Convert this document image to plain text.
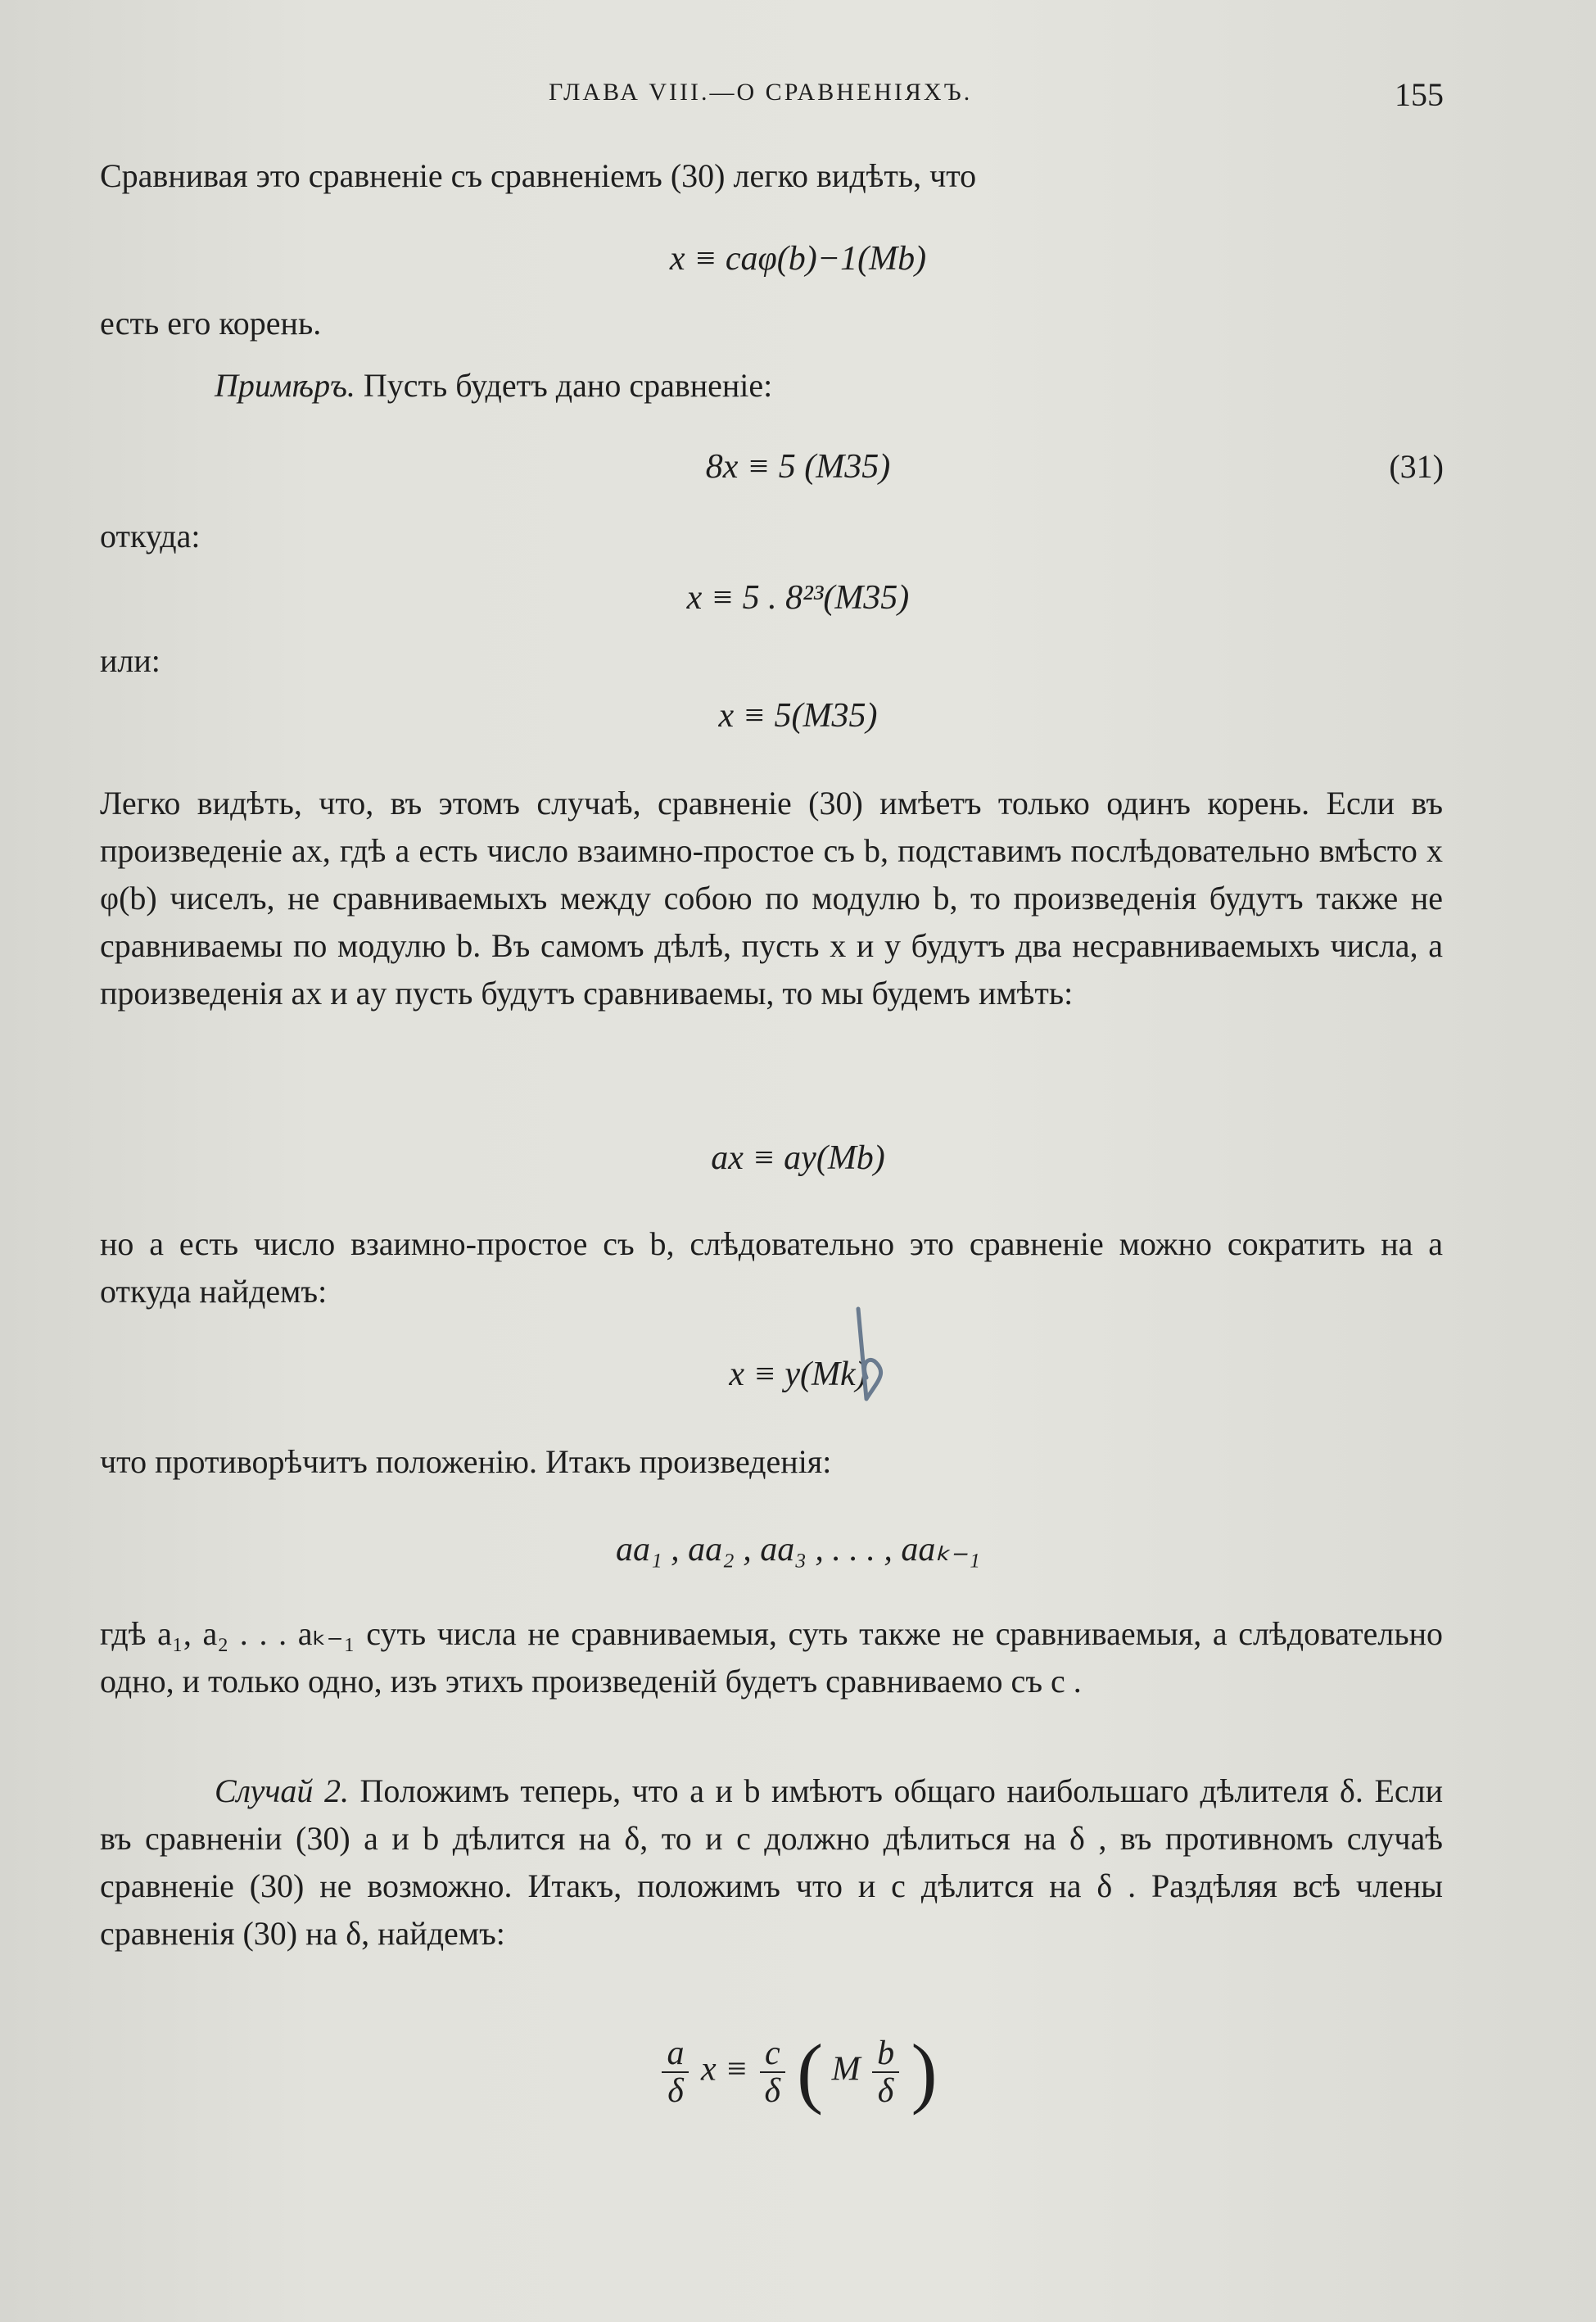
ГЛАВА VIII.—О СРАВНЕНІЯХЪ.	155
Сравнивая это сравненіе съ сравненіемъ (30) легко видѣть, что
x ≡ caφ(b)−1(Mb)
есть его корень.
Примѣръ. Пусть будетъ дано сравненіе:
8x ≡ 5 (M35)	(31)
откуда:
x ≡ 5 . 8²³(M35)
или:
x ≡ 5(M35)
Легко видѣть, что, въ этомъ случаѣ, сравненіе (30) имѣетъ только одинъ корень. Если въ произведеніе ax, гдѣ a есть число взаимно-простое съ b, подставимъ послѣдовательно вмѣсто x φ(b) чиселъ, не сравниваемыхъ между собою по модулю b, то произведенія будутъ также не сравниваемы по модулю b. Въ самомъ дѣлѣ, пусть x и y будутъ два несравниваемыхъ числа, а произведенія ax и ay пусть будутъ сравниваемы, то мы будемъ имѣть:
ax ≡ ay(Mb)
но a есть число взаимно-простое съ b, слѣдовательно это сравненіе можно сократить на a откуда найдемъ:
x ≡ y(Mk)
что противорѣчитъ положенію. Итакъ произведенія:
aa₁ , aa₂ , aa₃ , . . . , aaₖ₋₁
гдѣ a₁, a₂ . . . aₖ₋₁ суть числа не сравниваемыя, суть также не сравниваемыя, а слѣдовательно одно, и только одно, изъ этихъ произведеній будетъ сравниваемо съ c .
Случай 2. Положимъ теперь, что a и b имѣютъ общаго наибольшаго дѣлителя δ. Если въ сравненіи (30) a и b дѣлится на δ, то и c должно дѣлиться на δ , въ противномъ случаѣ сравненіе (30) не возможно. Итакъ, положимъ что и c дѣлится на δ . Раздѣляя всѣ члены сравненія (30) на δ, найдемъ:
$\frac{a}{\delta}$ $x \equiv \frac{c}{\delta}$ ( M $\frac{b}{\delta}$ )
